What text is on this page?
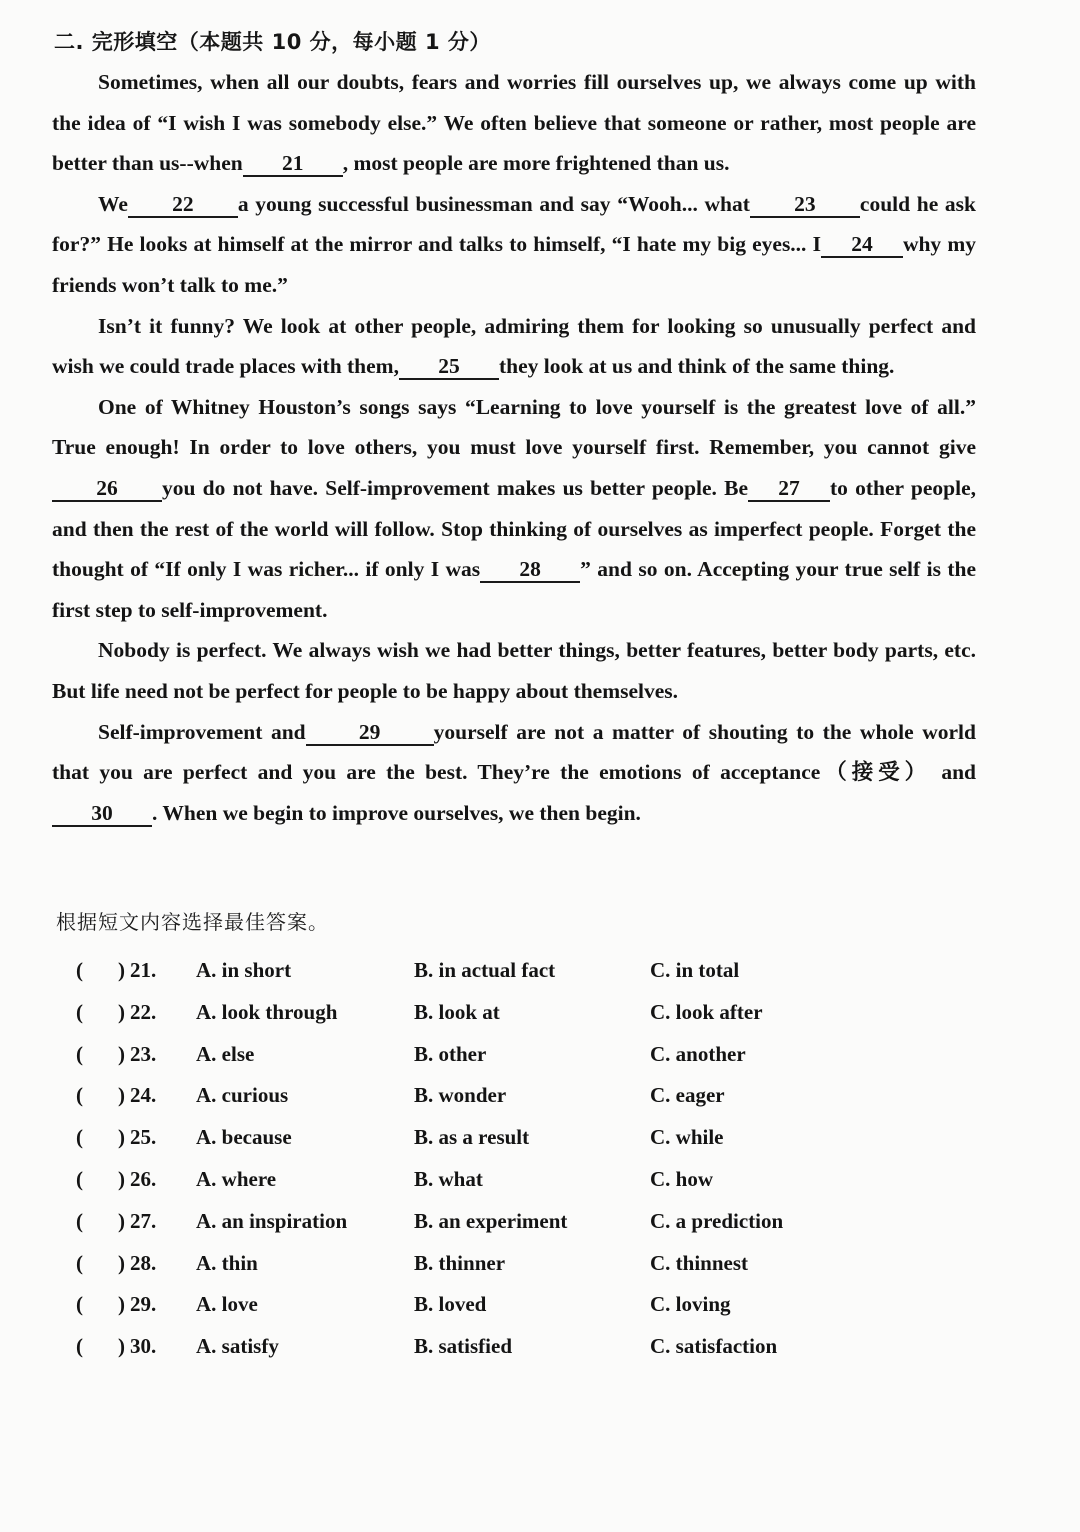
二. 完形填空（本题共 10 分，每小题 1 分）

Sometimes, when all our doubts, fears and worries fill ourselves up, we always come up with the idea of “I wish I was somebody else.” We often believe that someone or rather, most people are better than us--when 21 , most people are more frightened than us.

We 22 a young successful businessman and say “Wooh... what 23 could he ask for?” He looks at himself at the mirror and talks to himself, “I hate my big eyes... I 24 why my friends won’t talk to me.”

Isn’t it funny? We look at other people, admiring them for looking so unusually perfect and wish we could trade places with them, 25 they look at us and think of the same thing.

One of Whitney Houston’s songs says “Learning to love yourself is the greatest love of all.” True enough! In order to love others, you must love yourself first. Remember, you cannot give26 you do not have. Self-improvement makes us better people. Be 27 to other people, and then the rest of the world will follow. Stop thinking of ourselves as imperfect people. Forget the thought of “If only I was richer... if only I was 28 ” and so on. Accepting your true self is the first step to self-improvement.

Nobody is perfect. We always wish we had better things, better features, better body parts, etc. But life need not be perfect for people to be happy about themselves.

Self-improvement and 29 yourself are not a matter of shouting to the whole world that you are perfect and you are the best. They’re the emotions of acceptance（接受） and30 . When we begin to improve ourselves, we then begin.

根据短文内容选择最佳答案。
( ) 21. A. in short	B. in actual fact	C. in total
( ) 22. A. look through	B. look at	C. look after
( ) 23. A. else	B. other	C. another
( ) 24. A. curious	B. wonder	C. eager
( ) 25. A. because	B. as a result	C. while
( ) 26. A. where	B. what	C. how
( ) 27. A. an inspiration	B. an experiment	C. a prediction
( ) 28. A. thin	B. thinner	C. thinnest
( ) 29. A. love	B. loved	C. loving
( ) 30. A. satisfy	B. satisfied	C. satisfaction
